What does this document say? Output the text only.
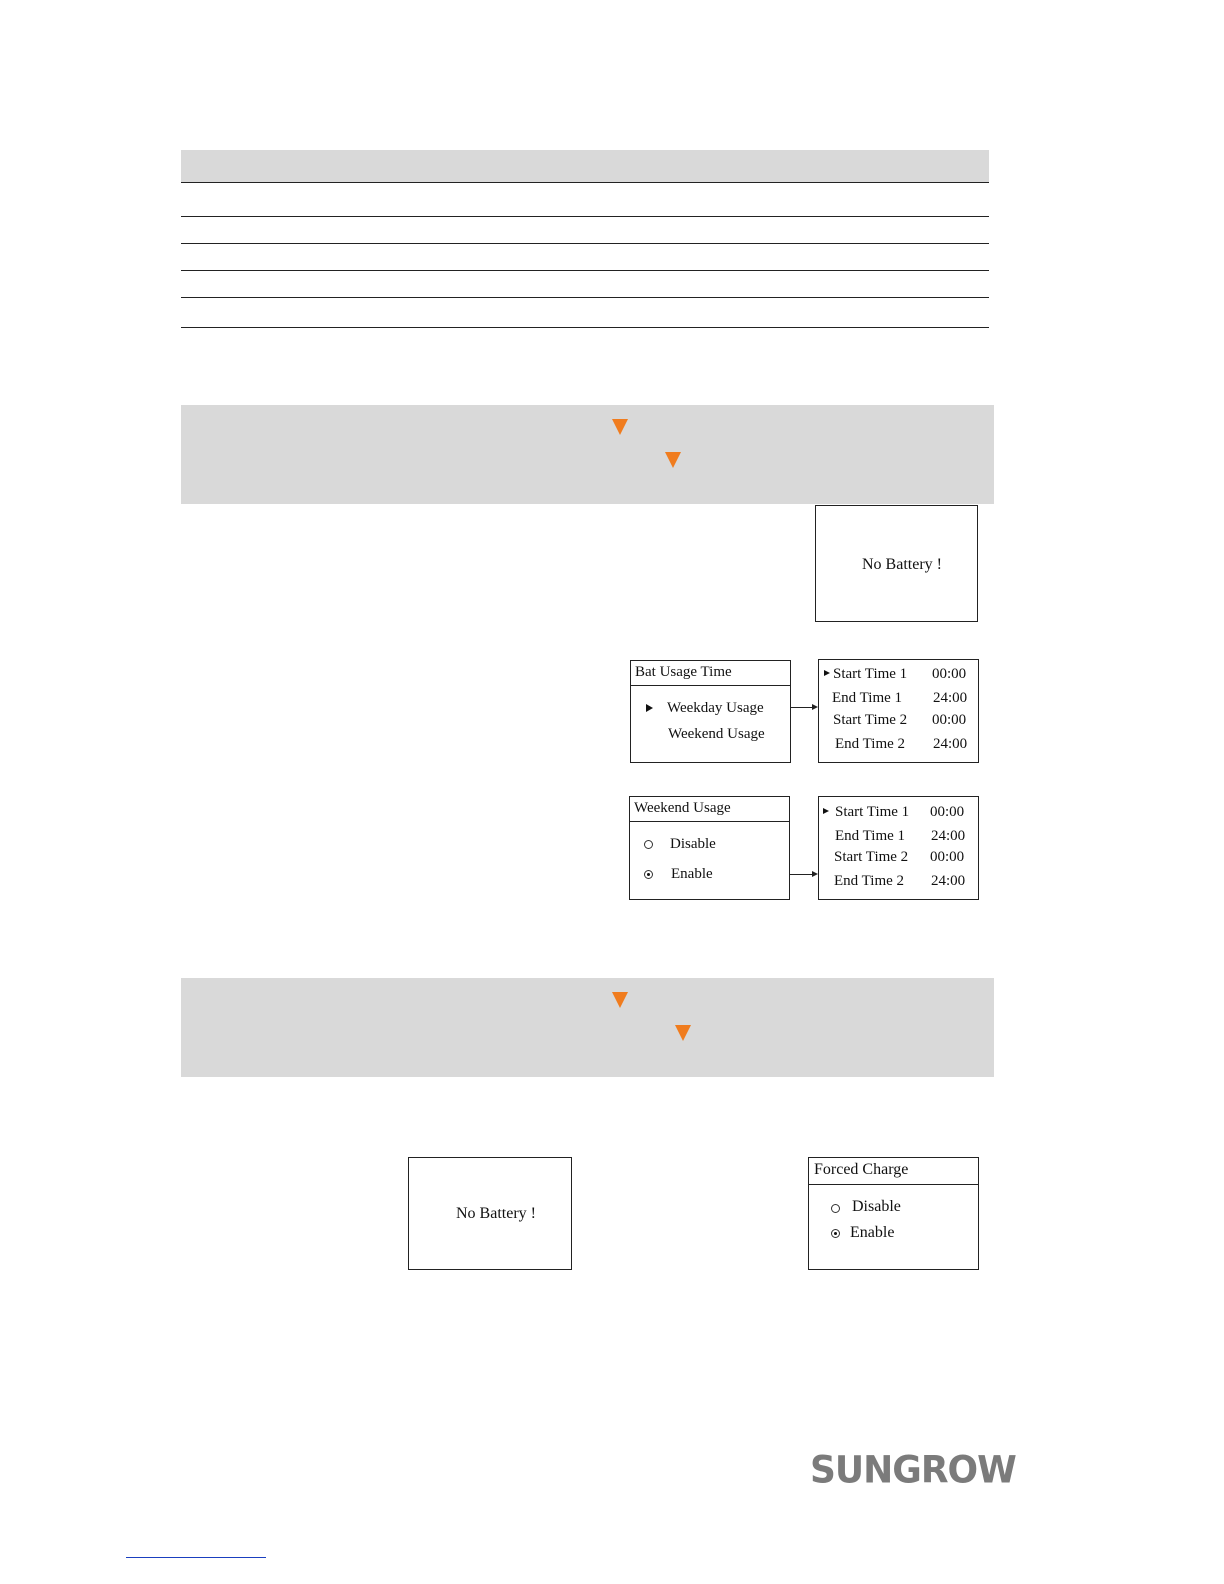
No Battery !
Bat Usage Time
Weekday Usage
Weekend Usage
Start Time 1 00:00
End Time 1 24:00
Start Time 2 00:00
End Time 2 24:00
Weekend Usage
Disable
Enable
Start Time 1 00:00
End Time 1 24:00
Start Time 2 00:00
End Time 2 24:00
No Battery !
Forced Charge
Disable
Enable
SUNGROW
